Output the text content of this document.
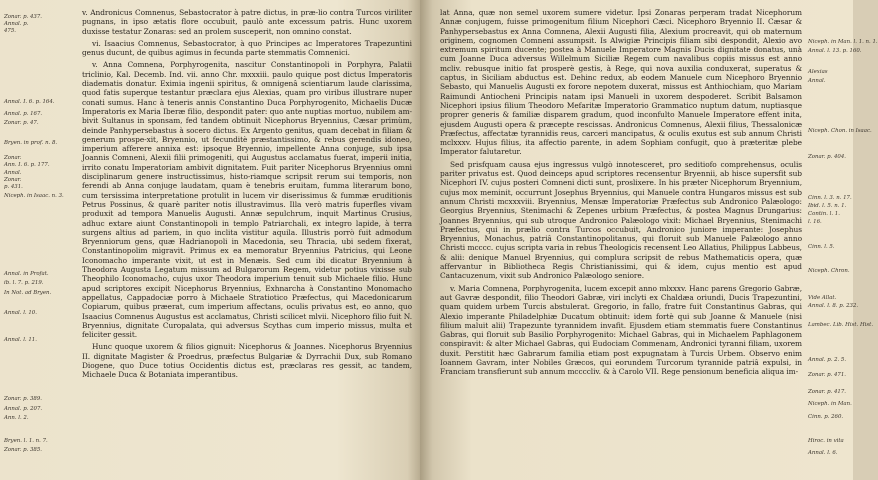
Zonar. p. 437.
Annal. p.
475.
Annal. I. 6. p. 164.
Annal. p. 167.
Zonar. p. 47.
Bryen. in prof. n. 8.
Zonar.
Ann. I. 6. p. 177.
Annal.
Zonar.
p. 431.
Niceph. in Isaac. n. 3.
Annal. in Profat.
ib. l. 7. p. 219.
In Not. ad Bryen.
Annal. l. 10.
Annal. l. 11.
Zonar. p. 389.
Annal. p. 207.
Ann. l. 2.
Bryen. l. 1. n. 7.
Zonar. p. 385.

v. Andronicus Comnenus, Sebastocrator à patre dictus, in præ-lio contra Turcos viriliter pugnans, in ipso ætatis flore occubuit, paulò ante excessum patris. Hunc uxorem duxisse testatur Zonaras: sed an prolem susceperit, non omnino constat.

vi. Isaacius Comnenus, Sebastocrator, à quo Principes ac Imperatores Trapezuntini genus ducunt, de quibus agimus in fecunda parte stemmatis Comnenici.

v. Anna Comnena, Porphyrogenita, nascitur Constantinopoli in Porphyra, Palatii triclinio, Kal. Decemb. Ind. vii. anno Chr. mxxxiii. paulo quique post dictus Imperatoris diadematis donatur. Eximia ingenii spiritus, & omnigenâ scientiarum laude clarissima, quod fatis superque testantur præclara ejus Alexias, quam pro viribus illustrare nuper conati sumus. Hanc à teneris annis Constantino Duca Porphyrogenito, Michaelis Ducæ Imperatoris ex Maria Iberæ filio, despondit pater: quo ante nuptias mortuo, nubilem am-bivit Sultanus in sponsam, fed tandem obtinuit Nicephorus Bryennius, Cæsar primùm, deinde Panhypersebastus à socero dictus. Ex Argento genitus, quam decebat in filiam & generum prospe-xit, Bryennio, ut fecunditè præstantissimo, & rebus gerendis idoneo, imperium afferere annixa est: ipsoque Bryennio, impellente Anna conjuge, sub ipsa Joannis Comneni, Alexii filii primogeniti, qui Augustus acclamatus fuerat, imperii initia, irrito conatu Imperatoriam ambivit dignitatem. Fuit pariter Nicephorus Bryennius omni disciplinarum genere instructissimus, histo-riamque scripsit rerum sui temporis, non ferendi ab Anna conjuge laudatam, quam è tenebris eruitam, fumma literarum bono, cum tersissima interpretatione protulit in lucem vir diserissimus & fummæ eruditionis Petrus Possinus, & quarè pariter notis illustravimus. Illa verò matris fuperfles vivam produxit ad tempora Manuelis Augusti. Annæ sepulchrum, inquit Martinus Crusius, adhuc extare aiunt Constantinopoli in templo Patriarchali, ex integro lapide, à terra surgens altius ad pariem, in quo inclita vistitur aquila. Illustris porrò fuit admodum Bryenniorum gens, quæ Hadrianopoli in Macedonia, seu Thracia, ubi sedem fixerat, Constantinopolim migravit. Primus ex ea memoratur Bryennius Patricius, qui Leone Iconomacho imperante vixit, ut est in Menæis. Sed cum ibi dicatur Bryennium à Theodora Augusta Legatum missum ad Bulgarorum Regem, videtur potius vixisse sub Theophilo Iconomacho, cujus uxor Theodora imperium tenuit sub Michaele filio. Hunc apud scriptores excipit Nicephorus Bryennius, Exhnarcha à Constantino Monomacho appellatus, Cappadociæ porro à Michaele Stratiotico Præfectus, qui Macedonicarum Copiarum, quibus præerat, cum imperium affectans, oculis privatus est, eo anno, quo Isaacius Comnenus Augustus est acclamatus, Christi scilicet mlvii. Nicephoro filio fuit N. Bryennius, dignitate Curopalata, qui adversus Scythas cum imperio missus, multa et feliciter gessit.

Hunc quoque uxorem & filios gignuit: Nicephorus & Joannes. Nicephorus Bryennius II. dignitate Magister & Proedrus, præfectus Bulgariæ & Dyrrachii Dux, sub Romano Diogene, quo Duce totius Occidentis dictus est, præclaras res gessit, ac tandem, Michaele Duca & Botaniata imperantibus.

lat Anna, quæ non semel uxorem sumere videtur. Ipsi Zonaras perperam tradat Nicephorum Annæ conjugem, fuisse primogenitum filium Nicephori Cæci. Nicephoro Bryennio II. Cæsar & Panhypersebastus ex Anna Comnena, Alexii Augusti filia, Alexium procreavit, qui ob maternum originem, cognomen Comneni assumpsit. Is Alwigiæ Principis filiam sibi despondit, Alexio avo extremum spiritum ducente; postea à Manuele Imperatore Magnis Ducis dignitate donatus, unà cum Joanne Duca adversus Willelmum Siciliæ Regem cum navalibus copiis missus est anno mcliv. rebusque initio fat prosperè gestis, à Rege, qui nova auxilia conduxerat, superatus & captus, in Siciliam abductus est. Dehinc redux, ab eodem Manuele cum Nicephoro Bryennio Sebasto, qui Manuelis Augusti ex forore nepotem duxerat, missus est Anthiochiam, quo Mariam Raimundi Antiocheni Principis natam ipsi Manueli in uxorem despoderet. Scribit Balsamon Nicephori ipsius filium Theodoro Mefaritæ Imperatorio Grammatico nuptum datum, nuptiasque proprer generis & familiæ disparem gradum, quod inconfulto Manuele Imperatore effent inita, ejusdem Augusti opera & præcepte rescissas. Andronicus Comnenus, Alexii filius, Thessalonicæ Præfectus, affectatæ tyrannidis reus, carceri mancipatus, & oculis exutus est sub annum Christi mclxxxv. Hujus filius, ita affectio parente, in adem Sophiam confugit, quo à præteritæ plebe Imperator falutaretur.

Sed prisfquam causa ejus ingressus vulgò innotesceret, pro seditiofo comprehensus, oculis pariter privatus est. Quod deinceps apud scriptores recensentur Bryennii, ab hisce supersfit sub Nicephori IV. cujus posteri Comneni dicti sunt, proslixere. In his præter Nicephorum Bryennium, cujus mox meminit, occurrunt Josephus Bryennius, qui Manuele contra Hungaros missus est sub annum Christi mcxxxviii. Bryennius, Mensæ Imperatoriæ Præfectus sub Andronico Palæologo: Georgius Bryennius, Stenimachi & Zepenes urbium Præfectus, & postea Magnus Drungarius: Joannes Bryennius, qui sub utroque Andronico Palæologo vixit: Michael Bryennius, Stenimachi Præfectus, qui in prælio contra Turcos occubuit, Andronico juniore imperante: Josephus Bryennius, Monachus, patriâ Constantinopolitanus, qui floruit sub Manuele Palæologo anno Christi mcccc. cujus scripta varia in rebus Theologicis recensent Leo Allatius, Philippus Labbeus, & alii: denique Manuel Bryennius, qui complura scripsit de rebus Mathematicis opera, quæ affervantur in Bibliotheca Regis Christianissimi, qui & idem, cujus mentio est apud Cantacuzenum, vixit sub Andronico Palæologo seniore.

v. Maria Comnena, Porphyrogenita, lucem excepit anno mlxxxv. Hanc parens Gregorio Gabræ, aut Gavræ despondit, filio Theodori Gabræ, viri inclyti ex Chaldæa oriundi, Ducis Trapezuntini, quam quidem urbem Turcis abstulerat. Gregorio, in fallo, fratre fuit Constantinus Gabras, qui Alexio imperante Philadelphiæ Ducatum obtinuit: idem fortè qui sub Joanne & Manuele (nisi filium maluit alii) Trapezunte tyrannidem invafit. Ejusdem etiam stemmatis fuere Constantinus Gabras, qui floruit sub Basilio Porphyrogenito: Michael Gabras, qui in Michaelem Paphlagonem conspiravit: & alter Michael Gabras, qui Eudociam Commenam, Andronici tyranni filiam, uxorem duxit. Perstitit hæc Gabrarum familia etiam post expugnatam à Turcis Urbem. Observo enim Ioannem Gavram, inter Nobiles Græcos, qui eorundem Turcorum tyrannide patriâ expulsi, in Franciam transfierunt sub annum mccccliv. & à Carolo VII. Rege pensionum beneficia aliqua im-

Niceph. in Man. l. 1. n. 1.
Annal. l. 13. p. 160.
Alexias
Annal.
Niceph. Chon. in Isaac.
Zonar. p. 404.
Cinn. l. 3. n. 17.
Ibid. l. 5. n. 1.
Contin. l. 1.
l. 16.
Cinn. l. 5.
Niceph. Chron.
Vide Allat.
Annal. l. 8. p. 232.
Lambec. Lib. Hist. Hist.
Annal. p. 2. 5.
Zonar. p. 471.
Zonar. p. 417.
Niceph. in Man.
Cinn. p. 260.
Hiroc. in vita
Annal. l. 6.
